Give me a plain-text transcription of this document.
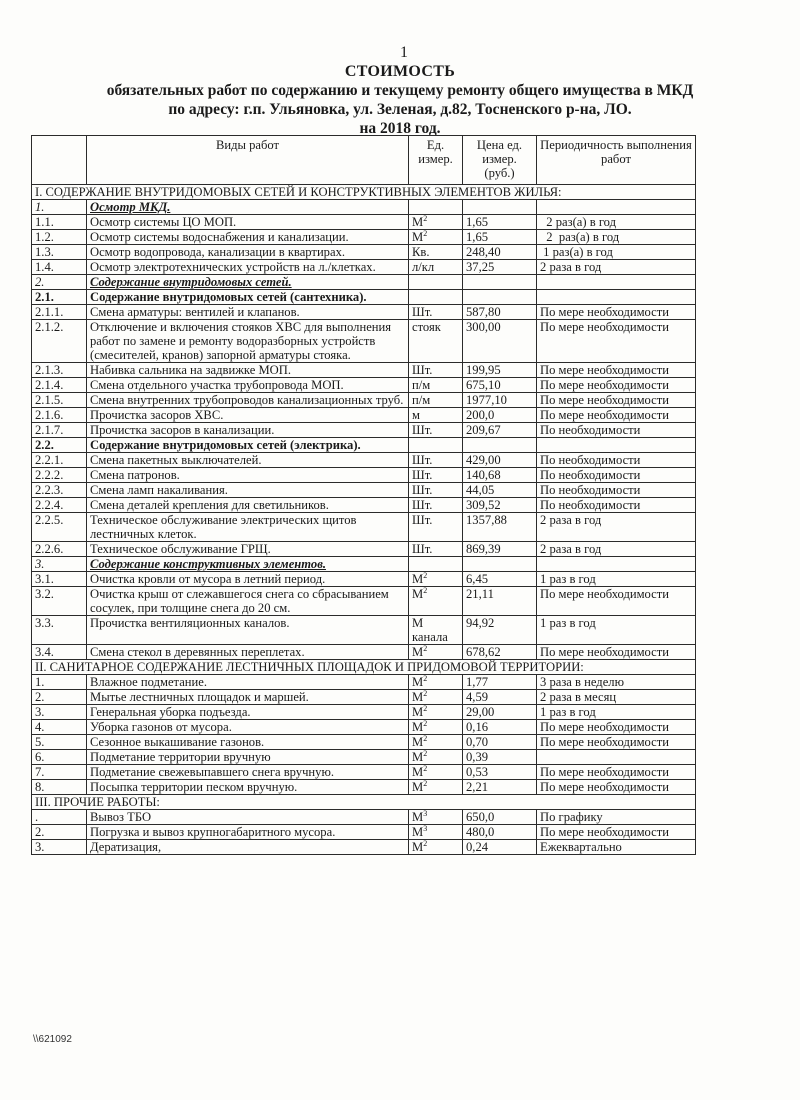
1
СТОИМОСТЬ
обязательных работ по содержанию и текущему ремонту общего имущества в МКД
по адресу: г.п. Ульяновка, ул. Зеленая, д.82, Тосненского р-на, ЛО.
на 2018 год.
	Виды работ	Ед. измер.	Цена ед. измер. (руб.)	Периодичность выполнения работ
I. СОДЕРЖАНИЕ ВНУТРИДОМОВЫХ СЕТЕЙ И КОНСТРУКТИВНЫХ ЭЛЕМЕНТОВ ЖИЛЬЯ:				
1.	Осмотр МКД.			
1.1.	Осмотр системы ЦО МОП.	$М^2$	1,65	2 раз(а) в год
1.2.	Осмотр системы водоснабжения и канализации.	$М^2$	1,65	2  раз(а) в год
1.3.	Осмотр водопровода, канализации в квартирах.	Кв.	248,40	1 раз(а) в год
1.4.	Осмотр электротехнических устройств на л./клетках.	л/кл	37,25	2 раза в год
2.	Содержание внутридомовых сетей.			
2.1.	Содержание внутридомовых сетей (сантехника).			
2.1.1.	Смена арматуры: вентилей и клапанов.	Шт.	587,80	По мере необходимости
2.1.2.	Отключение и включения стояков ХВС для выполнения работ по замене и ремонту водоразборных устройств (смесителей, кранов) запорной арматуры стояка.	стояк	300,00	По мере необходимости
2.1.3.	Набивка сальника на задвижке МОП.	Шт.	199,95	По мере необходимости
2.1.4.	Смена отдельного участка трубопровода МОП.	п/м	675,10	По мере необходимости
2.1.5.	Смена внутренних трубопроводов канализационных труб.	п/м	1977,10	По мере необходимости
2.1.6.	Прочистка засоров ХВС.	м	200,0	По мере необходимости
2.1.7.	Прочистка засоров в канализации.	Шт.	209,67	По необходимости
2.2.	Содержание внутридомовых сетей (электрика).			
2.2.1.	Смена пакетных выключателей.	Шт.	429,00	По необходимости
2.2.2.	Смена патронов.	Шт.	140,68	По необходимости
2.2.3.	Смена ламп накаливания.	Шт.	44,05	По необходимости
2.2.4.	Смена деталей крепления для светильников.	Шт.	309,52	По необходимости
2.2.5.	Техническое обслуживание электрических щитов лестничных клеток.	Шт.	1357,88	2 раза в год
2.2.6.	Техническое обслуживание ГРЩ.	Шт.	869,39	2 раза в год
3.	Содержание конструктивных элементов.			
3.1.	Очистка кровли от мусора в летний период.	$М^2$	6,45	1 раз в год
3.2.	Очистка крыш от слежавшегося снега со сбрасыванием сосулек, при толщине снега до 20 см.	$М^2$	21,11	По мере необходимости
3.3.	Прочистка вентиляционных каналов.	М канала	94,92	1 раз в год
3.4.	Смена стекол в деревянных переплетах.	$М^2$	678,62	По мере необходимости
II. САНИТАРНОЕ СОДЕРЖАНИЕ ЛЕСТНИЧНЫХ ПЛОЩАДОК И ПРИДОМОВОЙ ТЕРРИТОРИИ:				
1.	Влажное подметание.	$М^2$	1,77	3 раза в неделю
2.	Мытье лестничных площадок и маршей.	$М^2$	4,59	2 раза в месяц
3.	Генеральная уборка подъезда.	$М^2$	29,00	1 раз в год
4.	Уборка газонов от мусора.	$М^2$	0,16	По мере необходимости
5.	Сезонное выкашивание газонов.	$М^2$	0,70	По мере необходимости
6.	Подметание территории вручную	$М^2$	0,39	
7.	Подметание свежевыпавшего снега вручную.	$М^2$	0,53	По мере необходимости
8.	Посыпка территории песком вручную.	$М^2$	2,21	По мере необходимости
III. ПРОЧИЕ РАБОТЫ:				
.	Вывоз ТБО	$М^3$	650,0	По графику
2.	Погрузка и вывоз крупногабаритного мусора.	$М^3$	480,0	По мере необходимости
3.	Дератизация,	$М^2$	0,24	Ежеквартально
\\621092
